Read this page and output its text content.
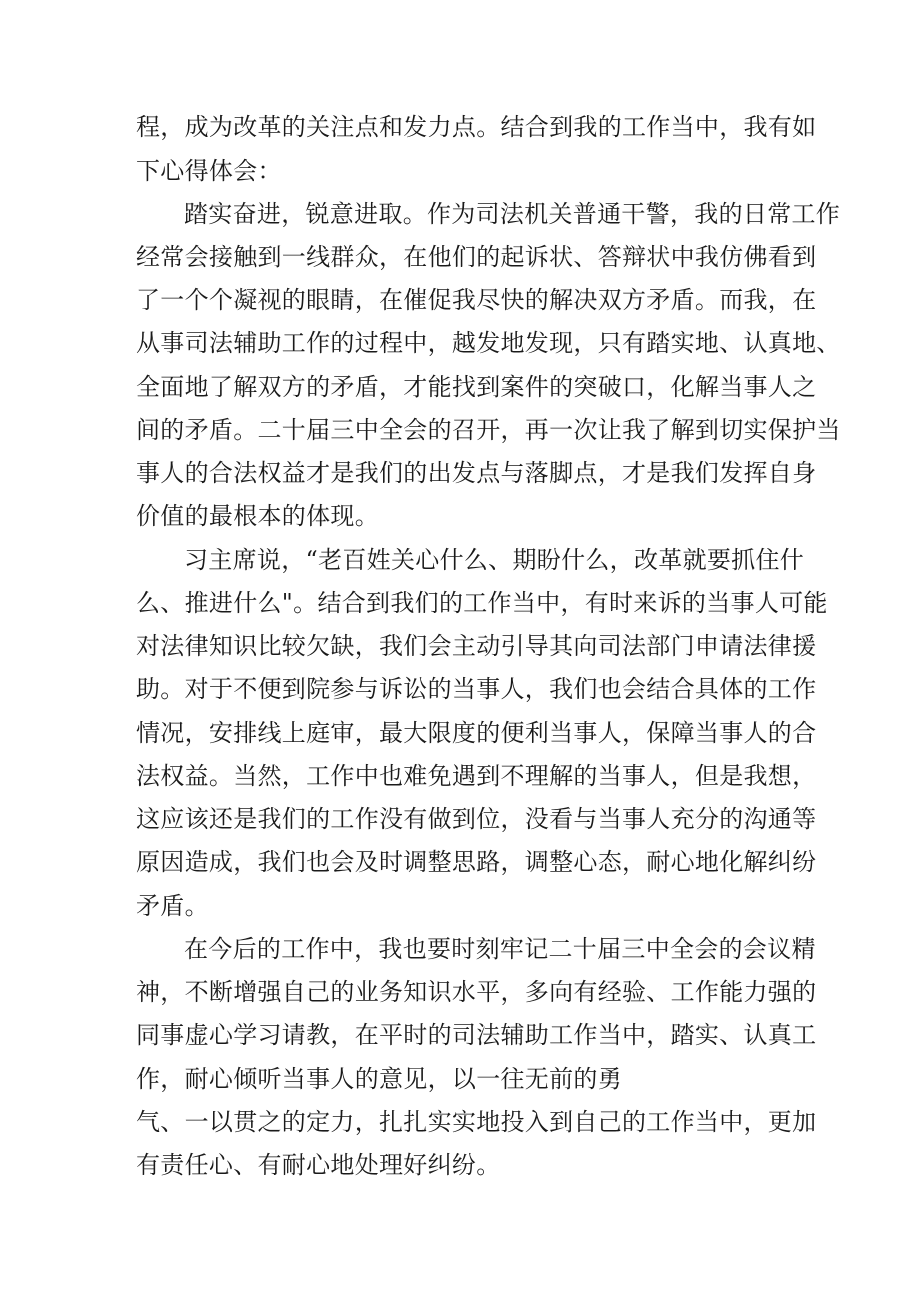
程，成为改革的关注点和发力点。结合到我的工作当中，我有如

下心得体会：

踏实奋进，锐意进取。作为司法机关普通干警，我的日常工作

经常会接触到一线群众，在他们的起诉状、答辩状中我仿佛看到

了一个个凝视的眼睛，在催促我尽快的解决双方矛盾。而我，在

从事司法辅助工作的过程中，越发地发现，只有踏实地、认真地、

全面地了解双方的矛盾，才能找到案件的突破口，化解当事人之

间的矛盾。二十届三中全会的召开，再一次让我了解到切实保护当

事人的合法权益才是我们的出发点与落脚点，才是我们发挥自身

价值的最根本的体现。

习主席说，“老百姓关心什么、期盼什么，改革就要抓住什

么、推进什么"。结合到我们的工作当中，有时来诉的当事人可能

对法律知识比较欠缺，我们会主动引导其向司法部门申请法律援

助。对于不便到院参与诉讼的当事人，我们也会结合具体的工作

情况，安排线上庭审，最大限度的便利当事人，保障当事人的合

法权益。当然，工作中也难免遇到不理解的当事人，但是我想，

这应该还是我们的工作没有做到位，没看与当事人充分的沟通等

原因造成，我们也会及时调整思路，调整心态，耐心地化解纠纷

矛盾。

在今后的工作中，我也要时刻牢记二十届三中全会的会议精

神，不断增强自己的业务知识水平，多向有经验、工作能力强的

同事虚心学习请教，在平时的司法辅助工作当中，踏实、认真工

作，耐心倾听当事人的意见，以一往无前的勇

气、一以贯之的定力，扎扎实实地投入到自己的工作当中，更加

有责任心、有耐心地处理好纠纷。
